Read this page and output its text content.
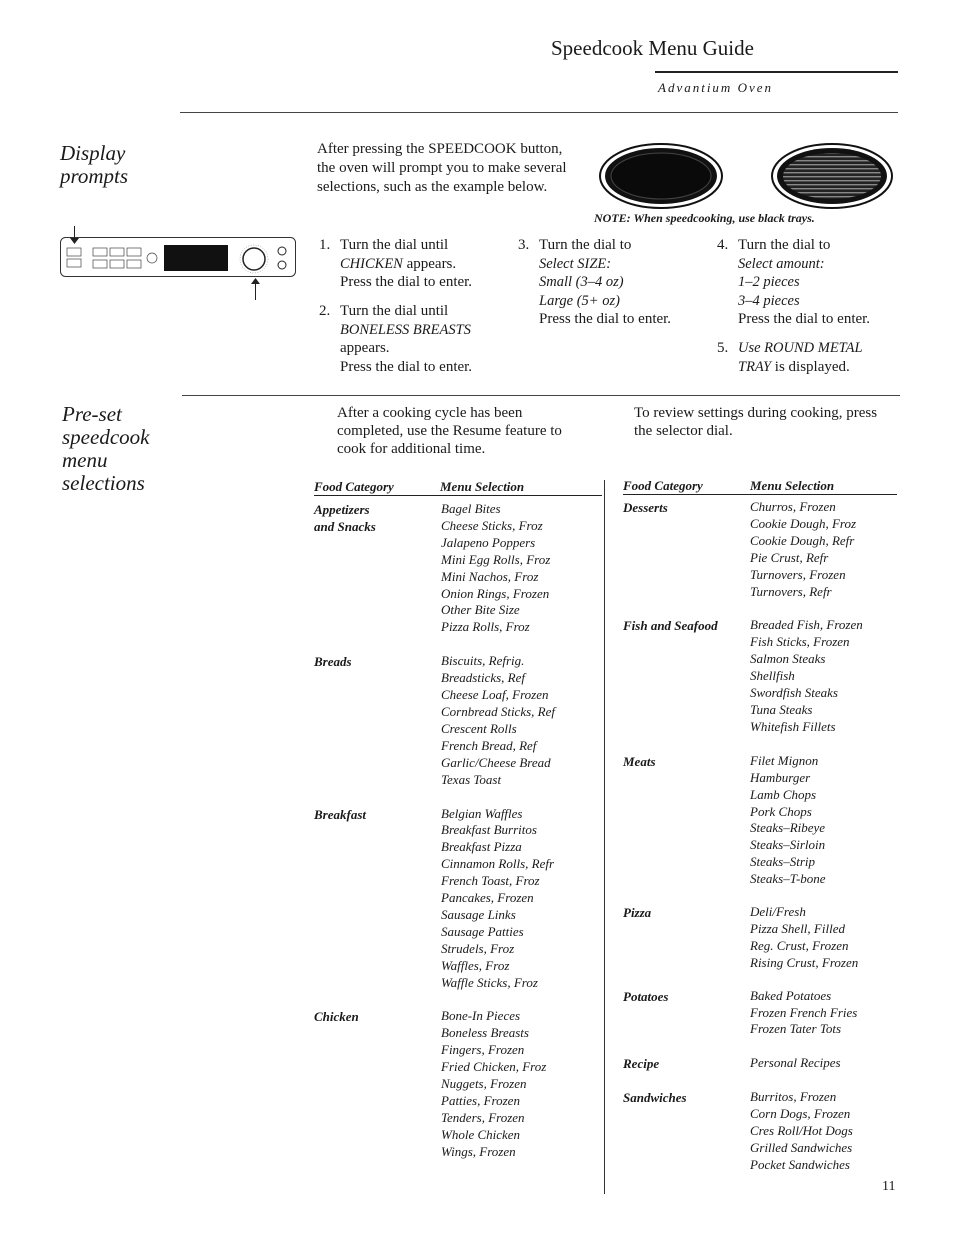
Speedcook Menu Guide
Advantium Oven
Display
prompts
After pressing the SPEEDCOOK button, the oven will prompt you to make several selections, such as the example below.
NOTE: When speedcooking, use black trays.
1. Turn the dial until
CHICKEN appears.
Press the dial to enter.
2. Turn the dial until
BONELESS BREASTS
appears.
Press the dial to enter.
3. Turn the dial to
Select SIZE:
Small (3–4 oz)
Large (5+ oz)
Press the dial to enter.
4. Turn the dial to
Select amount:
1–2 pieces
3–4 pieces
Press the dial to enter.
5. Use ROUND METAL
TRAY is displayed.
Pre-set
speedcook
menu
selections
After a cooking cycle has been completed, use the Resume feature to cook for additional time.
To review settings during cooking, press the selector dial.
Food Category	Menu Selection	Food Category	Menu Selection
Appetizers
and Snacks
Bagel Bites
Cheese Sticks, Froz
Jalapeno Poppers
Mini Egg Rolls, Froz
Mini Nachos, Froz
Onion Rings, Frozen
Other Bite Size
Pizza Rolls, Froz
Breads	Biscuits, Refrig.
Breadsticks, Ref
Cheese Loaf, Frozen
Cornbread Sticks, Ref
Crescent Rolls
French Bread, Ref
Garlic/Cheese Bread
Texas Toast
Breakfast	Belgian Waffles
Breakfast Burritos
Breakfast Pizza
Cinnamon Rolls, Refr
French Toast, Froz
Pancakes, Frozen
Sausage Links
Sausage Patties
Strudels, Froz
Waffles, Froz
Waffle Sticks, Froz
Chicken	Bone-In Pieces
Boneless Breasts
Fingers, Frozen
Fried Chicken, Froz
Nuggets, Frozen
Patties, Frozen
Tenders, Frozen
Whole Chicken
Wings, Frozen
Desserts	Churros, Frozen
Cookie Dough, Froz
Cookie Dough, Refr
Pie Crust, Refr
Turnovers, Frozen
Turnovers, Refr
Fish and Seafood	Breaded Fish, Frozen
Fish Sticks, Frozen
Salmon Steaks
Shellfish
Swordfish Steaks
Tuna Steaks
Whitefish Fillets
Meats	Filet Mignon
Hamburger
Lamb Chops
Pork Chops
Steaks–Ribeye
Steaks–Sirloin
Steaks–Strip
Steaks–T-bone
Pizza	Deli/Fresh
Pizza Shell, Filled
Reg. Crust, Frozen
Rising Crust, Frozen
Potatoes	Baked Potatoes
Frozen French Fries
Frozen Tater Tots
Recipe	Personal Recipes
Sandwiches	Burritos, Frozen
Corn Dogs, Frozen
Cres Roll/Hot Dogs
Grilled Sandwiches
Pocket Sandwiches
11
